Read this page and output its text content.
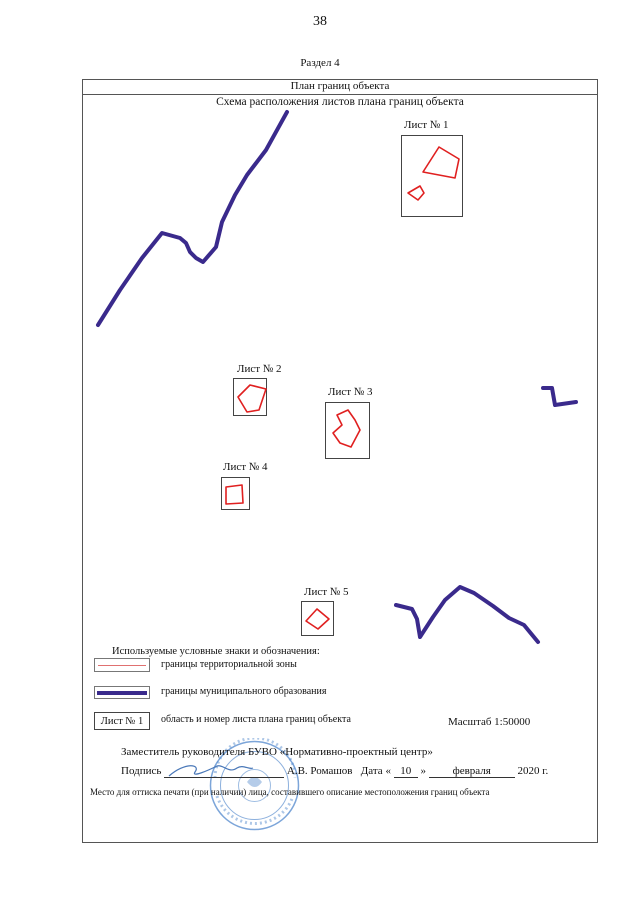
38
Раздел 4
План границ объекта
Схема расположения листов плана границ объекта
Лист № 1
Лист № 2
Лист № 3
Лист № 4
Лист № 5
Используемые условные знаки и обозначения:
границы территориальной зоны
границы муниципального образования
Лист № 1	область и номер листа плана границ объекта	Масштаб 1:50000
Заместитель руководителя БУВО «Нормативно-проектный центр»
Подпись	А.В. Ромашов Дата « 10 » февраля 2020 г.
Место для оттиска печати (при наличии) лица, составившего описание местоположения границ объекта
